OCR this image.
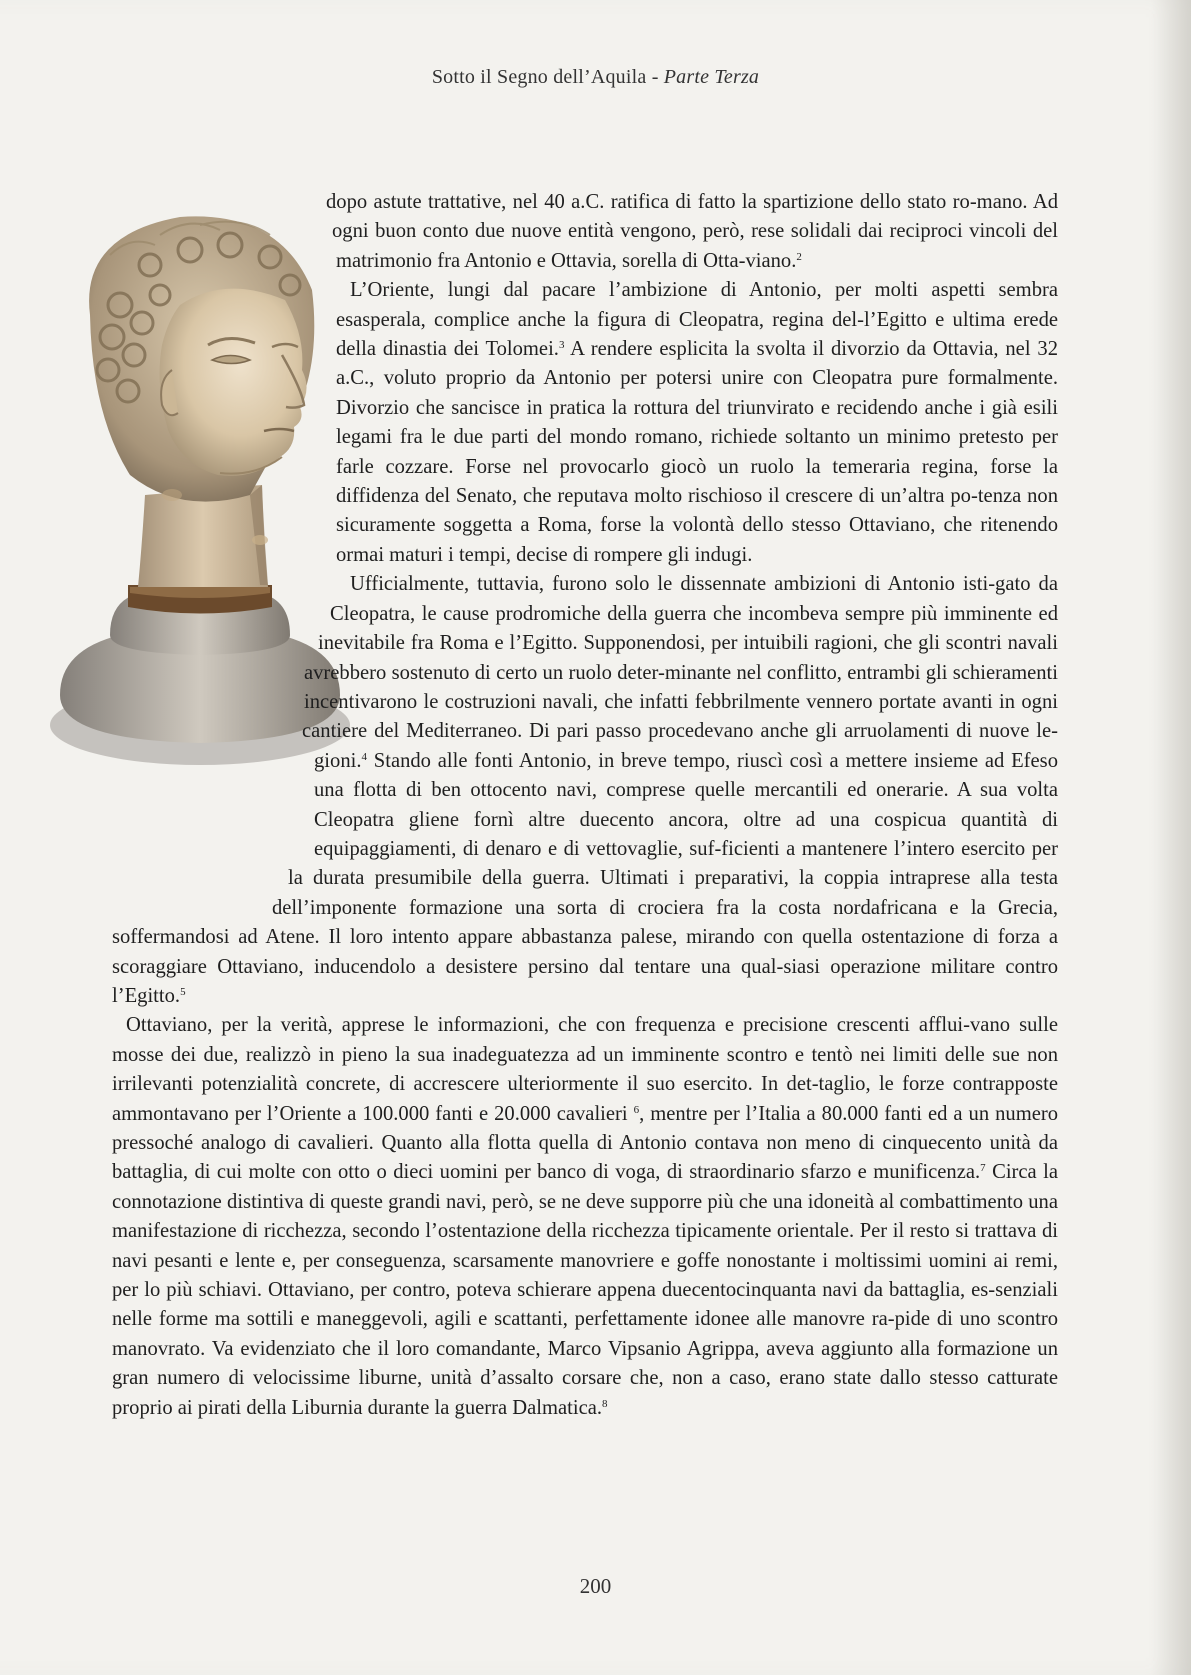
Sotto il Segno dell’Aquila - Parte Terza

dopo astute trattative, nel 40 a.C. ratifica di fatto la spartizione dello stato ro-mano. Ad ogni buon conto due nuove entità vengono, però, rese solidali dai reciproci vincoli del matrimonio fra Antonio e Ottavia, sorella di Otta-viano.$^2$

L’Oriente, lungi dal pacare l’ambizione di Antonio, per molti aspetti sembra esasperala, complice anche la figura di Cleopatra, regina del-l’Egitto e ultima erede della dinastia dei Tolomei.$^3$ A rendere esplicita la svolta il divorzio da Ottavia, nel 32 a.C., voluto proprio da Antonio per potersi unire con Cleopatra pure formalmente. Divorzio che sancisce in pratica la rottura del triunvirato e recidendo anche i già esili legami fra le due parti del mondo romano, richiede soltanto un minimo pretesto per farle cozzare. Forse nel provocarlo giocò un ruolo la temeraria regina, forse la diffidenza del Senato, che reputava molto rischioso il crescere di un’altra po-tenza non sicuramente soggetta a Roma, forse la volontà dello stesso Ottaviano, che ritenendo ormai maturi i tempi, decise di rompere gli indugi.

Ufficialmente, tuttavia, furono solo le dissennate ambizioni di Antonio isti-gato da Cleopatra, le cause prodromiche della guerra che incombeva sempre più imminente ed inevitabile fra Roma e l’Egitto. Supponendosi, per intuibili ragioni, che gli scontri navali avrebbero sostenuto di certo un ruolo deter-minante nel conflitto, entrambi gli schieramenti incentivarono le costruzioni navali, che infatti febbrilmente vennero portate avanti in ogni cantiere del Mediterraneo. Di pari passo procedevano anche gli arruolamenti di nuove le-gioni.$^4$ Stando alle fonti Antonio, in breve tempo, riuscì così a mettere insieme ad Efeso una flotta di ben ottocento navi, comprese quelle mercantili ed onerarie. A sua volta Cleopatra gliene fornì altre duecento ancora, oltre ad una cospicua quantità di equipaggiamenti, di denaro e di vettovaglie, suf-ficienti a mantenere l’intero esercito per la durata presumibile della guerra. Ultimati i preparativi, la coppia intraprese alla testa dell’imponente formazione una sorta di crociera fra la costa nordafricana e la Grecia, soffermandosi ad Atene. Il loro intento appare abbastanza palese, mirando con quella ostentazione di forza a scoraggiare Ottaviano, inducendolo a desistere persino dal tentare una qual-siasi operazione militare contro l’Egitto.$^5$

Ottaviano, per la verità, apprese le informazioni, che con frequenza e precisione crescenti afflui-vano sulle mosse dei due, realizzò in pieno la sua inadeguatezza ad un imminente scontro e tentò nei limiti delle sue non irrilevanti potenzialità concrete, di accrescere ulteriormente il suo esercito. In det-taglio, le forze contrapposte ammontavano per l’Oriente a 100.000 fanti e 20.000 cavalieri $^6$, mentre per l’Italia a 80.000 fanti ed a un numero pressoché analogo di cavalieri. Quanto alla flotta quella di Antonio contava non meno di cinquecento unità da battaglia, di cui molte con otto o dieci uomini per banco di voga, di straordinario sfarzo e munificenza.$^7$ Circa la connotazione distintiva di queste grandi navi, però, se ne deve supporre più che una idoneità al combattimento una manifestazione di ricchezza, secondo l’ostentazione della ricchezza tipicamente orientale. Per il resto si trattava di navi pesanti e lente e, per conseguenza, scarsamente manovriere e goffe nonostante i moltissimi uomini ai remi, per lo più schiavi. Ottaviano, per contro, poteva schierare appena duecentocinquanta navi da battaglia, es-senziali nelle forme ma sottili e maneggevoli, agili e scattanti, perfettamente idonee alle manovre ra-pide di uno scontro manovrato. Va evidenziato che il loro comandante, Marco Vipsanio Agrippa, aveva aggiunto alla formazione un gran numero di velocissime liburne, unità d’assalto corsare che, non a caso, erano state dallo stesso catturate proprio ai pirati della Liburnia durante la guerra Dalmatica.$^8$

200
